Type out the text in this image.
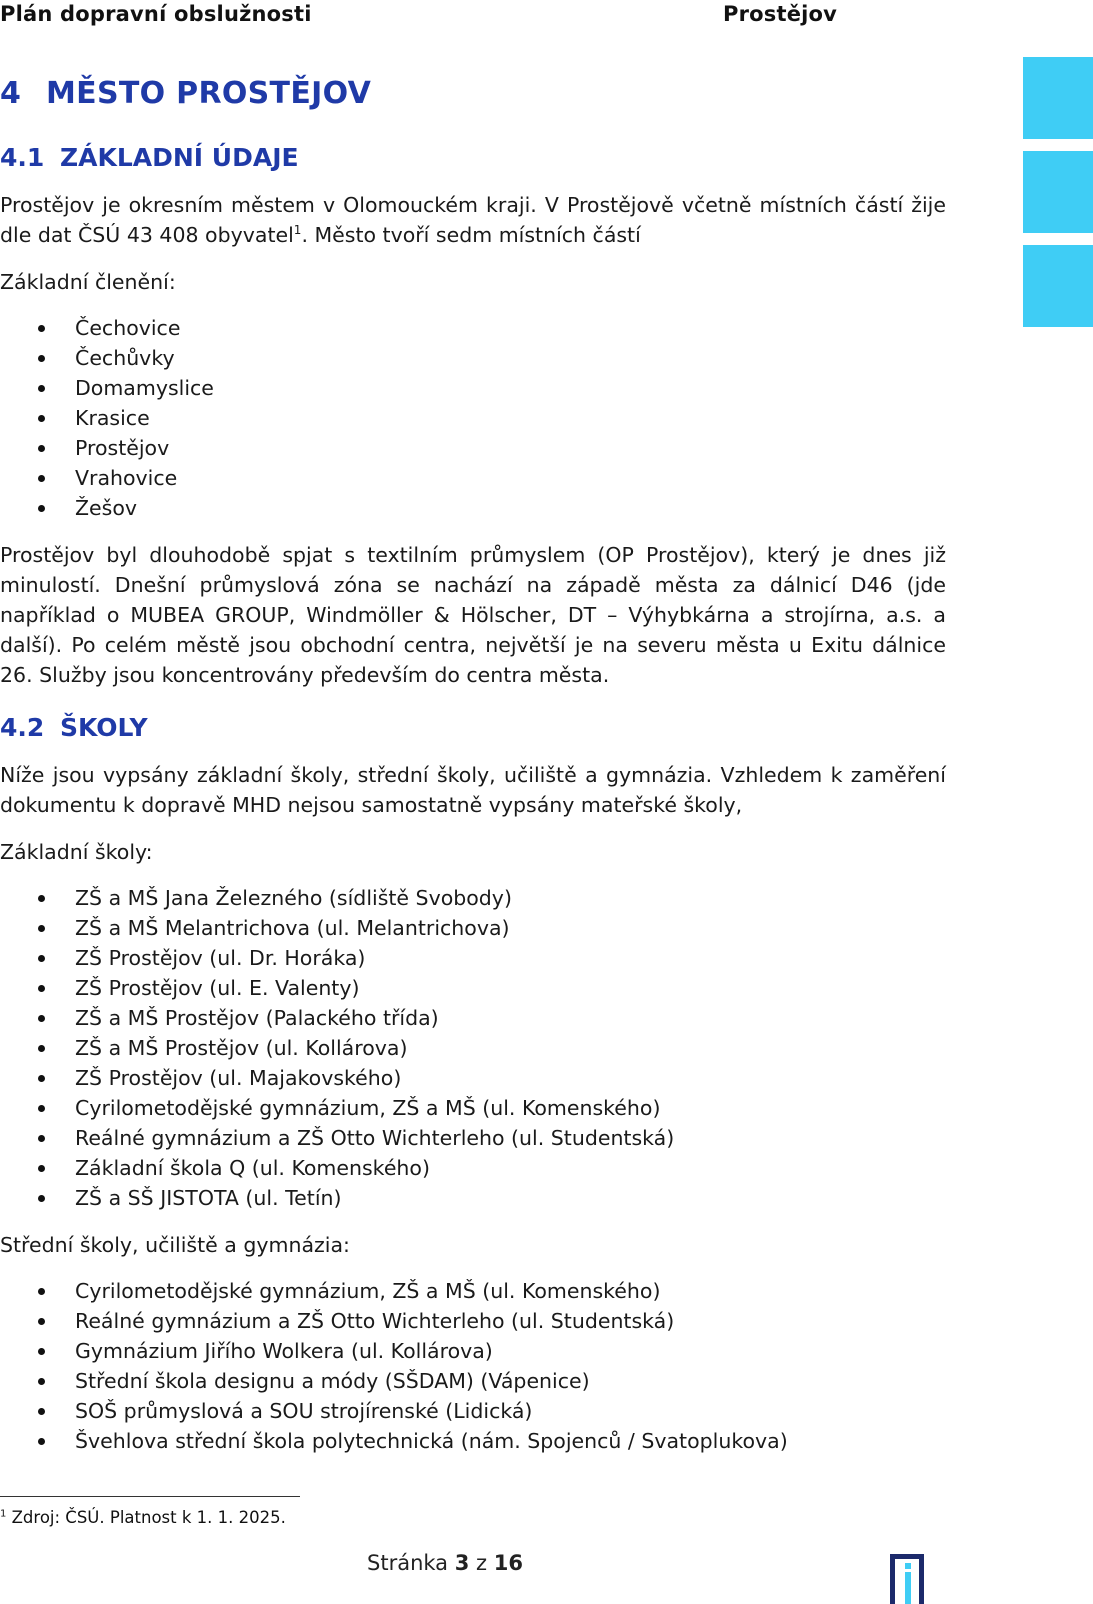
Plán dopravní obslužnosti	Prostějov
4 MĚSTO PROSTĚJOV
4.1 ZÁKLADNÍ ÚDAJE

Prostějov je okresním městem v Olomouckém kraji. V Prostějově včetně místních částí žije dle dat ČSÚ 43 408 obyvatel$^1$. Město tvoří sedm místních částí

Základní členění:

Čechovice
Čechůvky
Domamyslice
Krasice
Prostějov
Vrahovice
Žešov

Prostějov byl dlouhodobě spjat s textilním průmyslem (OP Prostějov), který je dnes již minulostí. Dnešní průmyslová zóna se nachází na západě města za dálnicí D46 (jde například o MUBEA GROUP, Windmöller & Hölscher, DT – Výhybkárna a strojírna, a.s. a další). Po celém městě jsou obchodní centra, největší je na severu města u Exitu dálnice 26. Služby jsou koncentrovány především do centra města.

4.2 ŠKOLY

Níže jsou vypsány základní školy, střední školy, učiliště a gymnázia. Vzhledem k zaměření dokumentu k dopravě MHD nejsou samostatně vypsány mateřské školy,

Základní školy:

ZŠ a MŠ Jana Železného (sídliště Svobody)
ZŠ a MŠ Melantrichova (ul. Melantrichova)
ZŠ Prostějov (ul. Dr. Horáka)
ZŠ Prostějov (ul. E. Valenty)
ZŠ a MŠ Prostějov (Palackého třída)
ZŠ a MŠ Prostějov (ul. Kollárova)
ZŠ Prostějov (ul. Majakovského)
Cyrilometodějské gymnázium, ZŠ a MŠ (ul. Komenského)
Reálné gymnázium a ZŠ Otto Wichterleho (ul. Studentská)
Základní škola Q (ul. Komenského)
ZŠ a SŠ JISTOTA (ul. Tetín)

Střední školy, učiliště a gymnázia:

Cyrilometodějské gymnázium, ZŠ a MŠ (ul. Komenského)
Reálné gymnázium a ZŠ Otto Wichterleho (ul. Studentská)
Gymnázium Jiřího Wolkera (ul. Kollárova)
Střední škola designu a módy (SŠDAM) (Vápenice)
SOŠ průmyslová a SOU strojírenské (Lidická)
Švehlova střední škola polytechnická (nám. Spojenců / Svatoplukova)
$^1$ Zdroj: ČSÚ. Platnost k 1. 1. 2025.
Stránka 3 z 16
